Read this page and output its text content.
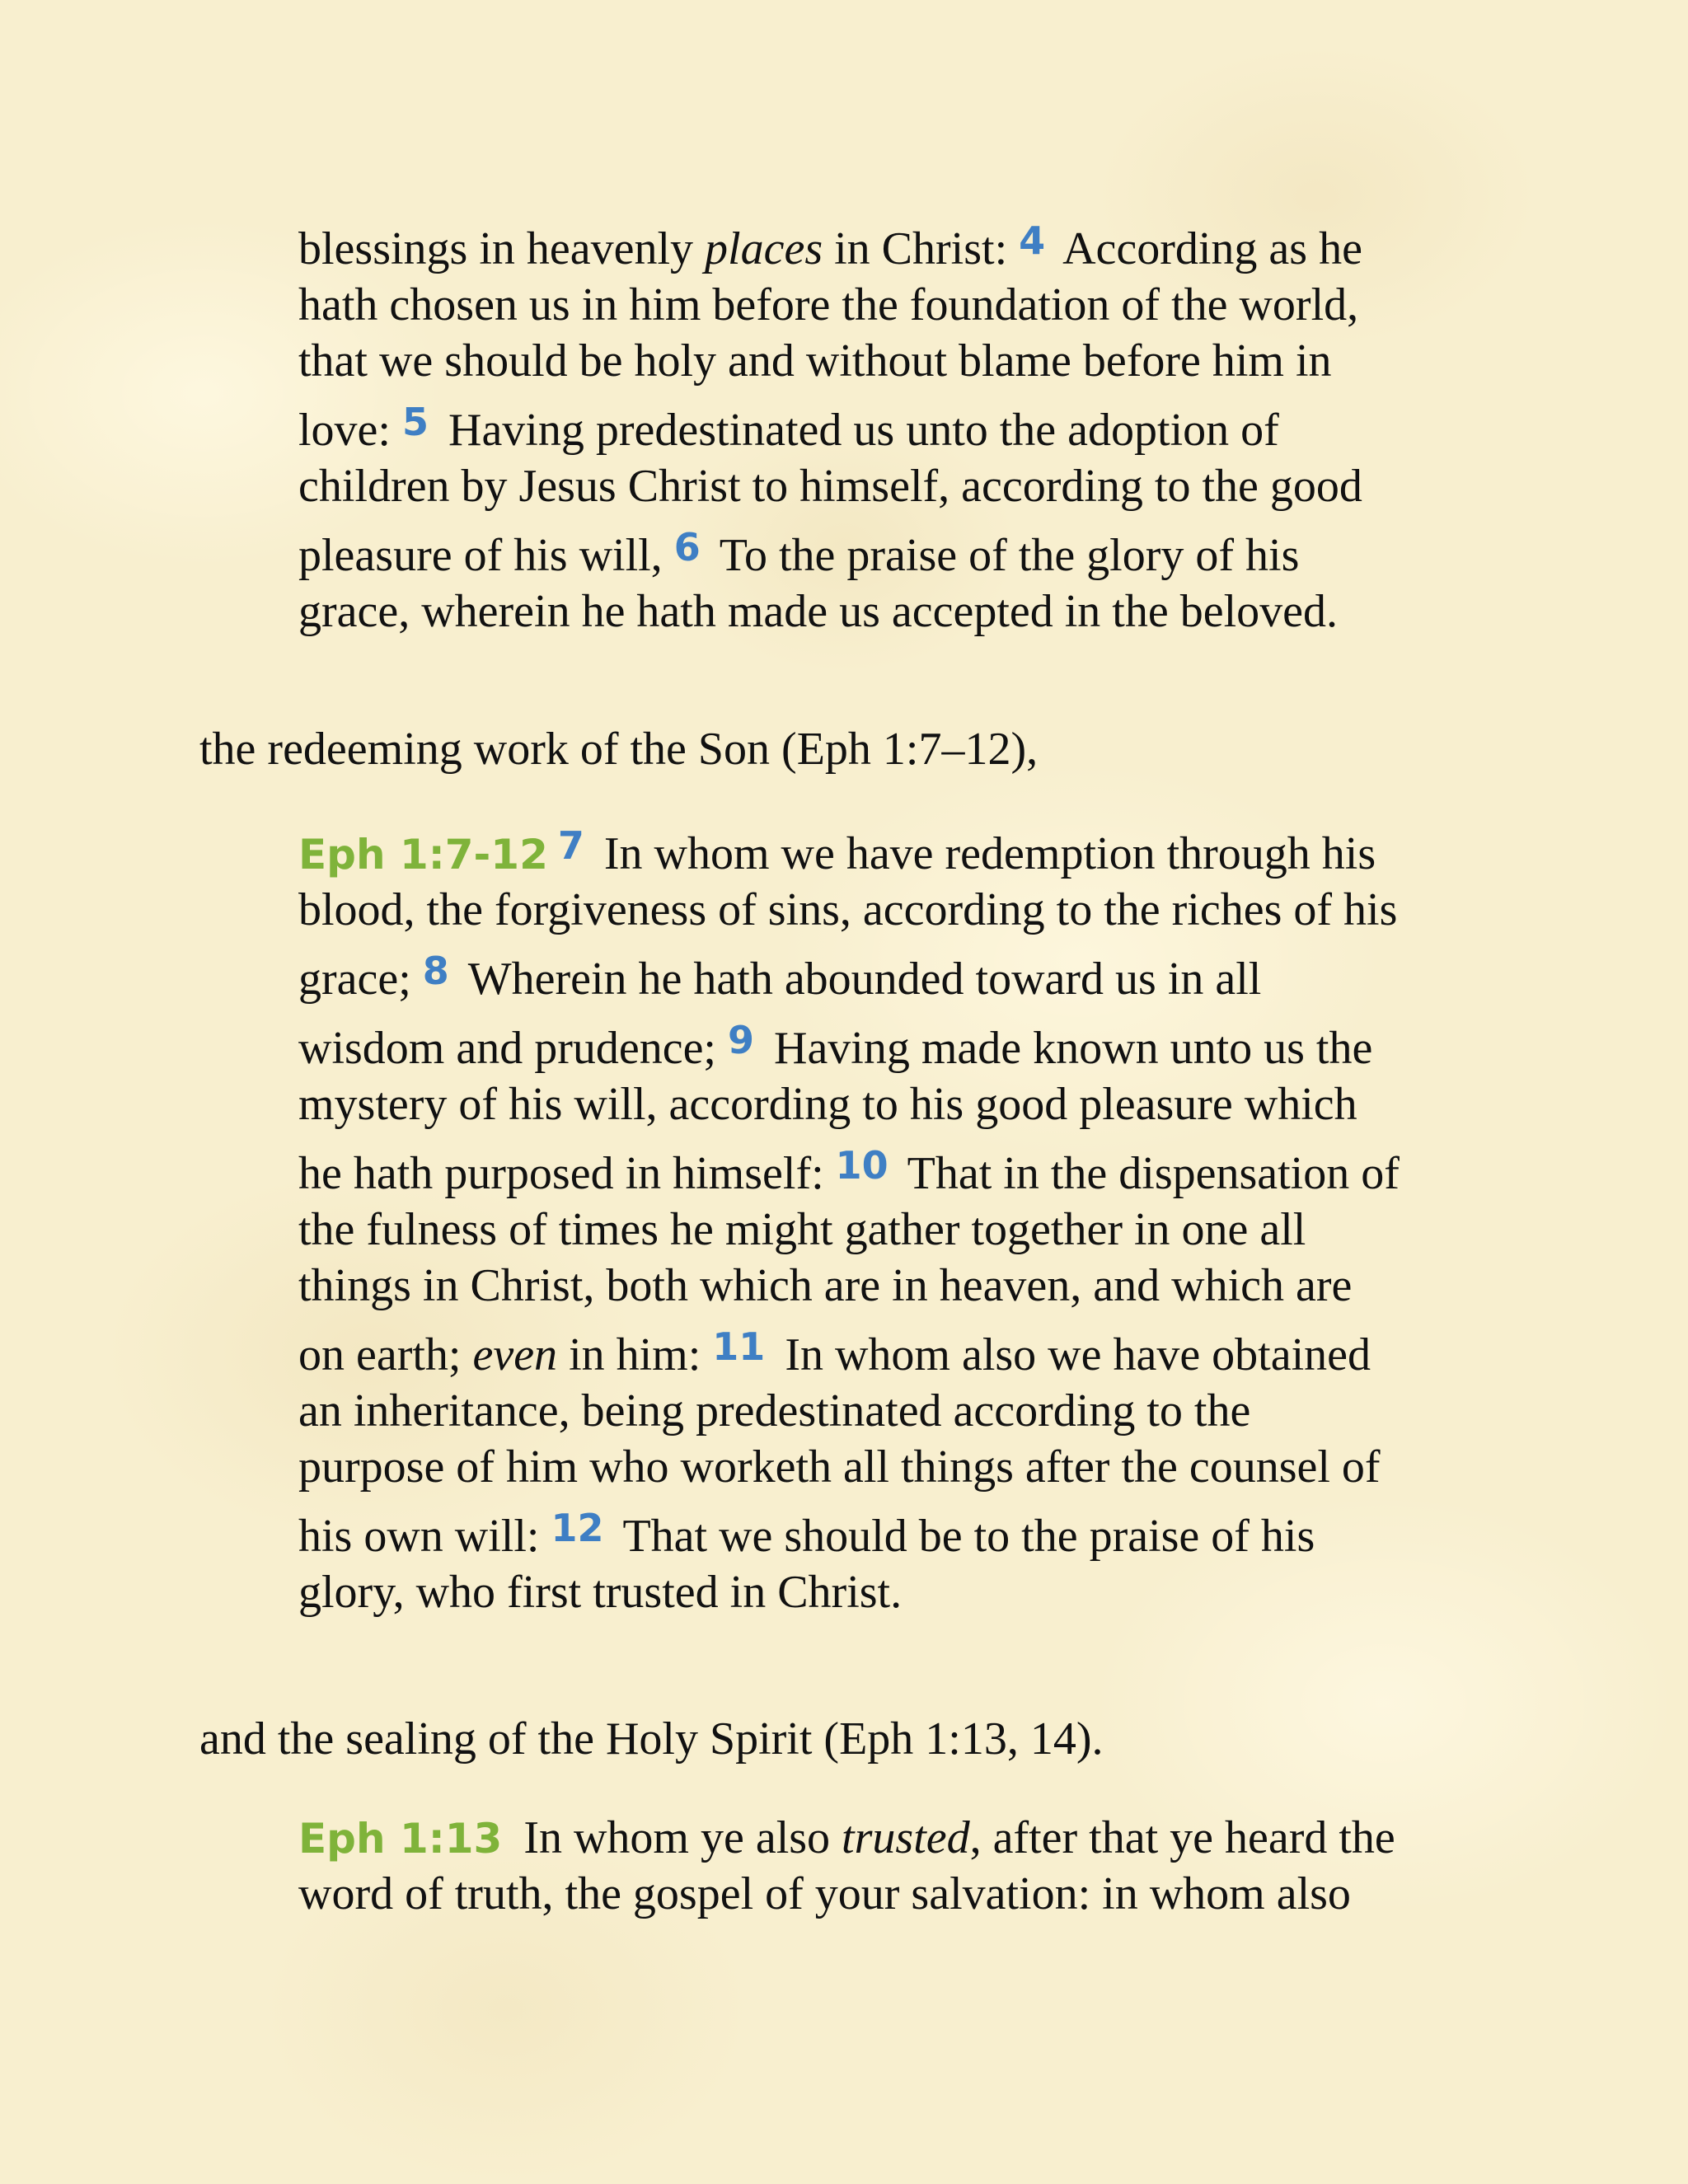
blessings in heavenly places in Christ: $^4$ According as he
hath chosen us in him before the foundation of the world,
that we should be holy and without blame before him in
love: $^5$ Having predestinated us unto the adoption of
children by Jesus Christ to himself, according to the good
pleasure of his will, $^6$ To the praise of the glory of his
grace, wherein he hath made us accepted in the beloved.
the redeeming work of the Son (Eph 1:7–12),
Eph 1:7-12 $^7$ In whom we have redemption through his
blood, the forgiveness of sins, according to the riches of his
grace; $^8$ Wherein he hath abounded toward us in all
wisdom and prudence; $^9$ Having made known unto us the
mystery of his will, according to his good pleasure which
he hath purposed in himself: $^{10}$ That in the dispensation of
the fulness of times he might gather together in one all
things in Christ, both which are in heaven, and which are
on earth; even in him: $^{11}$ In whom also we have obtained
an inheritance, being predestinated according to the
purpose of him who worketh all things after the counsel of
his own will: $^{12}$ That we should be to the praise of his
glory, who first trusted in Christ.
and the sealing of the Holy Spirit (Eph 1:13, 14).
Eph 1:13 In whom ye also trusted, after that ye heard the
word of truth, the gospel of your salvation: in whom also
